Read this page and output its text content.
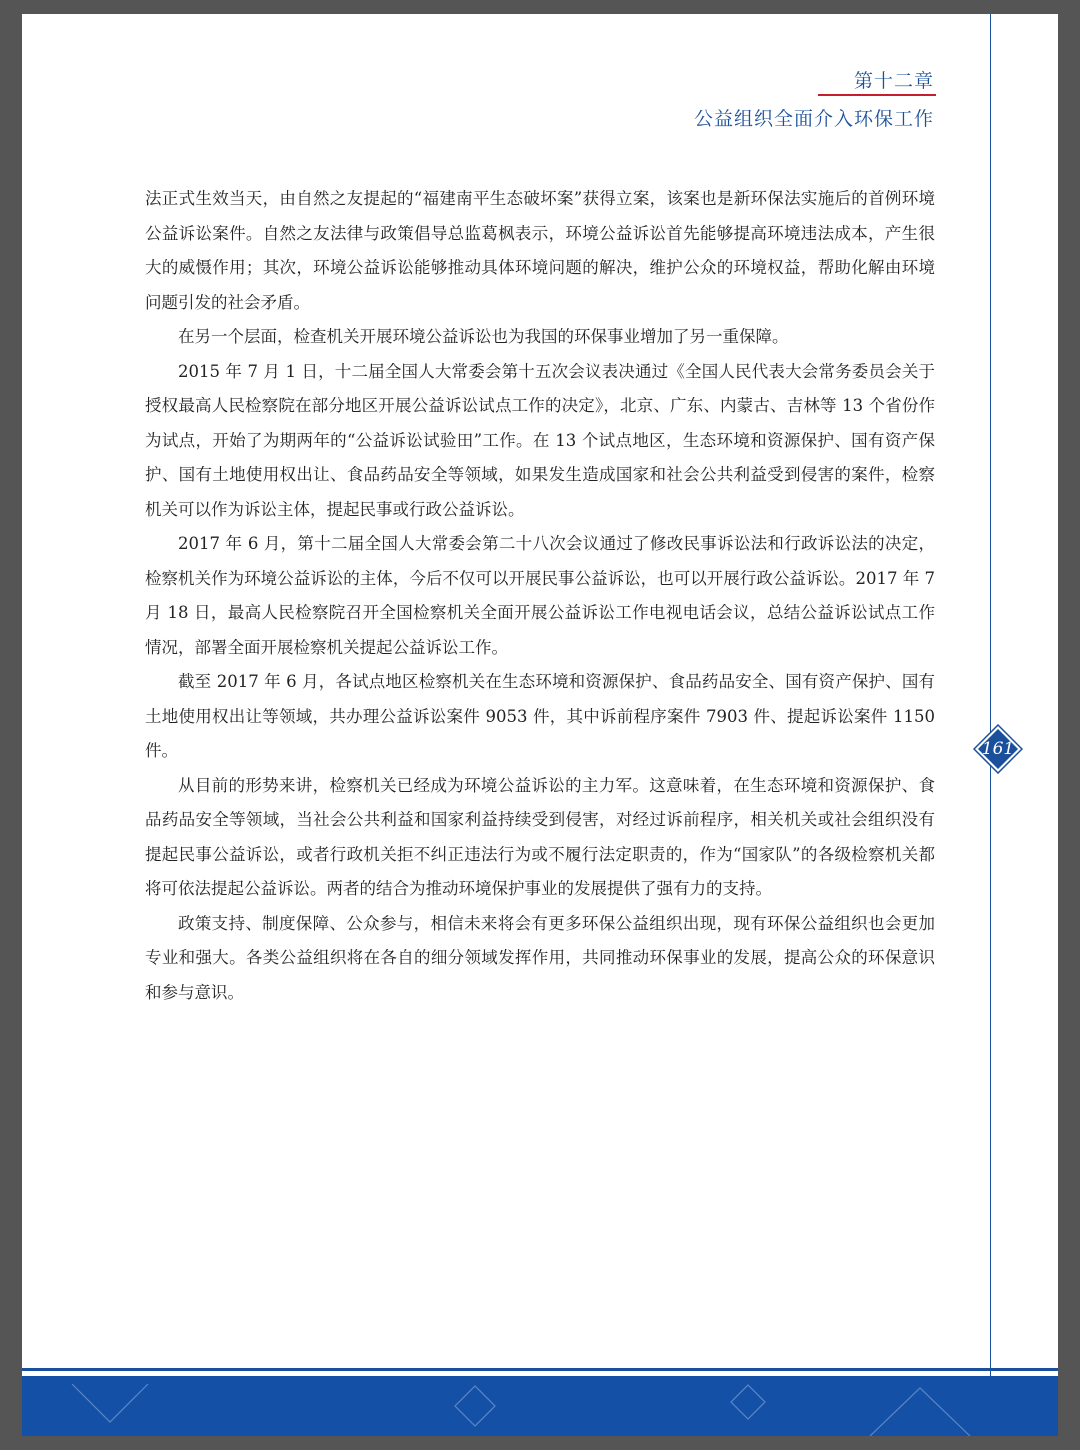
第十二章
公益组织全面介入环保工作

法正式生效当天，由自然之友提起的“福建南平生态破坏案”获得立案，该案也是新环保法实施后的首例环境公益诉讼案件。自然之友法律与政策倡导总监葛枫表示，环境公益诉讼首先能够提高环境违法成本，产生很大的威慑作用；其次，环境公益诉讼能够推动具体环境问题的解决，维护公众的环境权益，帮助化解由环境问题引发的社会矛盾。

在另一个层面，检查机关开展环境公益诉讼也为我国的环保事业增加了另一重保障。

2015 年 7 月 1 日，十二届全国人大常委会第十五次会议表决通过《全国人民代表大会常务委员会关于授权最高人民检察院在部分地区开展公益诉讼试点工作的决定》，北京、广东、内蒙古、吉林等 13 个省份作为试点，开始了为期两年的“公益诉讼试验田”工作。在 13 个试点地区，生态环境和资源保护、国有资产保护、国有土地使用权出让、食品药品安全等领域，如果发生造成国家和社会公共利益受到侵害的案件，检察机关可以作为诉讼主体，提起民事或行政公益诉讼。

2017 年 6 月，第十二届全国人大常委会第二十八次会议通过了修改民事诉讼法和行政诉讼法的决定，检察机关作为环境公益诉讼的主体，今后不仅可以开展民事公益诉讼，也可以开展行政公益诉讼。2017 年 7 月 18 日，最高人民检察院召开全国检察机关全面开展公益诉讼工作电视电话会议，总结公益诉讼试点工作情况，部署全面开展检察机关提起公益诉讼工作。

截至 2017 年 6 月，各试点地区检察机关在生态环境和资源保护、食品药品安全、国有资产保护、国有土地使用权出让等领域，共办理公益诉讼案件 9053 件，其中诉前程序案件 7903 件、提起诉讼案件 1150 件。

从目前的形势来讲，检察机关已经成为环境公益诉讼的主力军。这意味着，在生态环境和资源保护、食品药品安全等领域，当社会公共利益和国家利益持续受到侵害，对经过诉前程序，相关机关或社会组织没有提起民事公益诉讼，或者行政机关拒不纠正违法行为或不履行法定职责的，作为“国家队”的各级检察机关都将可依法提起公益诉讼。两者的结合为推动环境保护事业的发展提供了强有力的支持。

政策支持、制度保障、公众参与，相信未来将会有更多环保公益组织出现，现有环保公益组织也会更加专业和强大。各类公益组织将在各自的细分领域发挥作用，共同推动环保事业的发展，提高公众的环保意识和参与意识。

161
